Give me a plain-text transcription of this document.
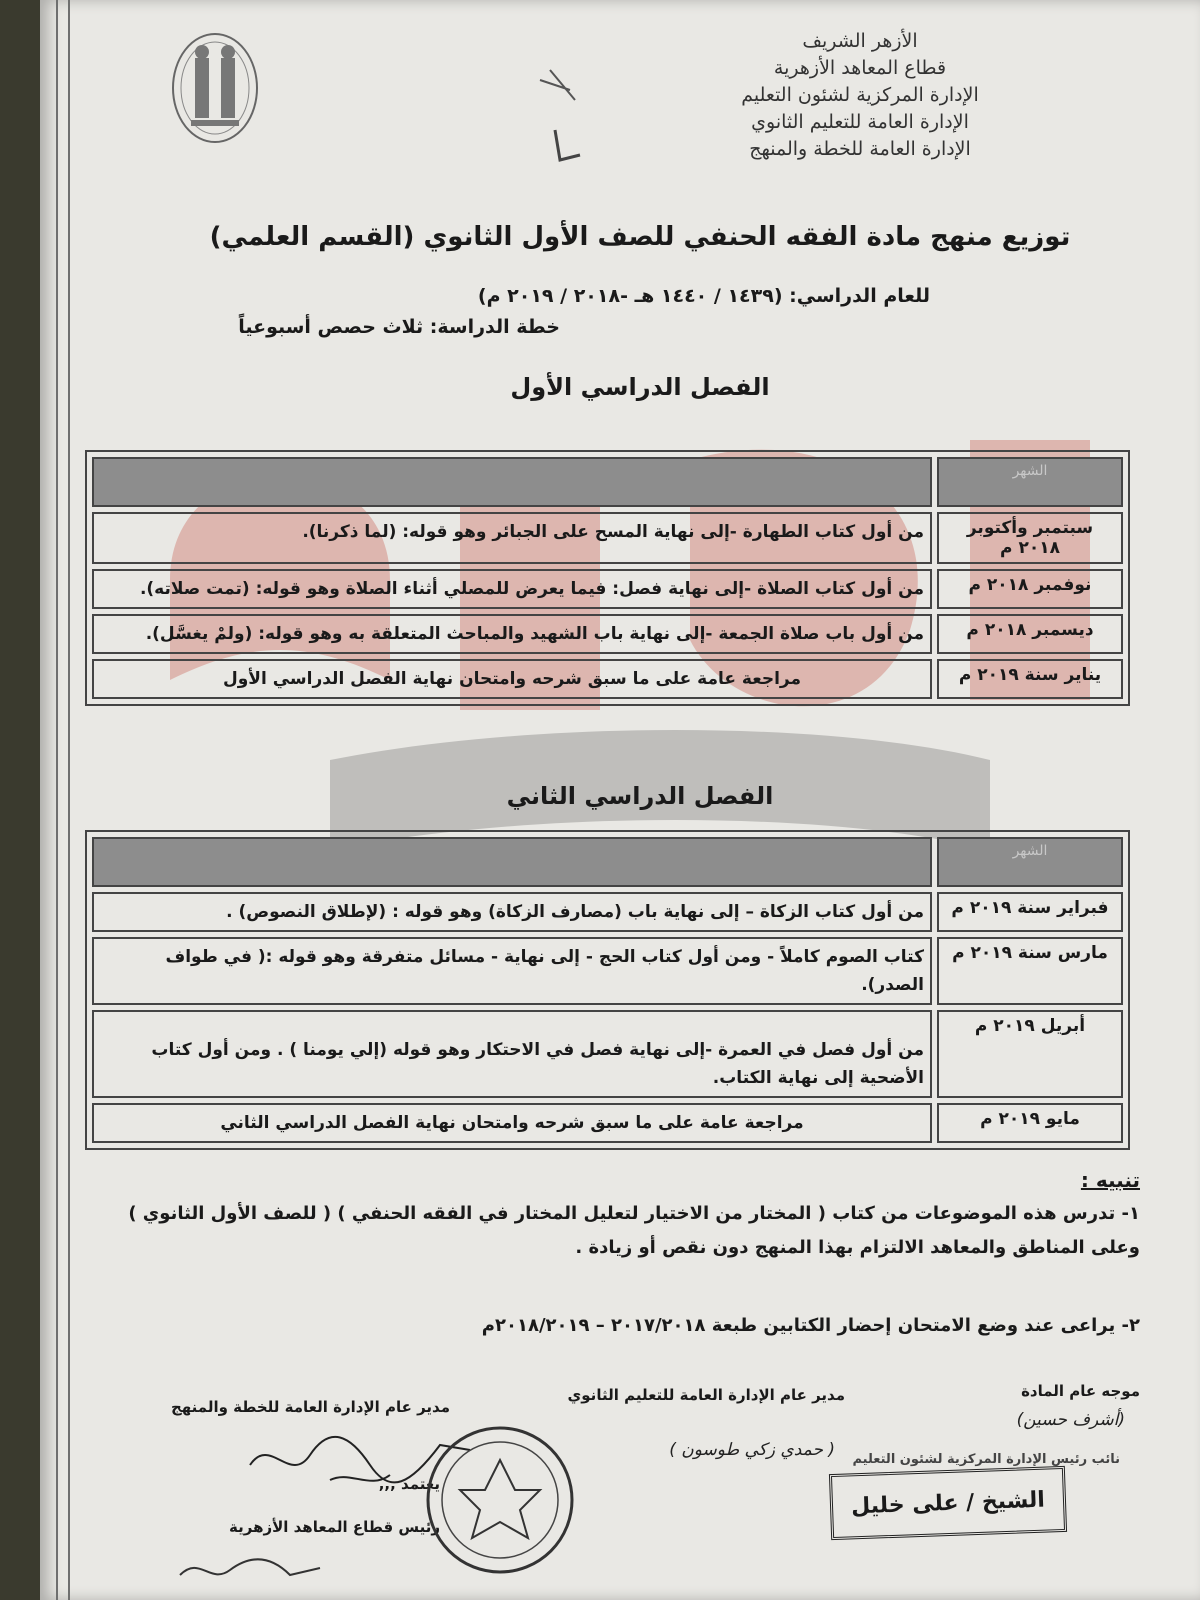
الأزهر الشريف
قطاع المعاهد الأزهرية
الإدارة المركزية لشئون التعليم
الإدارة العامة للتعليم الثانوي
الإدارة العامة للخطة والمنهج
توزيع منهج مادة الفقه الحنفي للصف الأول الثانوي (القسم العلمي)
للعام الدراسي: (١٤٣٩ / ١٤٤٠ هـ -٢٠١٨ / ٢٠١٩ م)
خطة الدراسة: ثلاث حصص أسبوعياً
الفصل الدراسي الأول
الشهر	
سبتمبر وأكتوبر ٢٠١٨ م	من أول كتاب الطهارة -إلى نهاية المسح على الجبائر وهو قوله: (لما ذكرنا).
نوفمبر ٢٠١٨ م	من أول كتاب الصلاة -إلى نهاية فصل: فيما يعرض للمصلي أثناء الصلاة وهو قوله: (تمت صلاته).
ديسمبر ٢٠١٨ م	من أول باب صلاة الجمعة -إلى نهاية باب الشهيد والمباحث المتعلقة به وهو قوله: (ولمْ يغسَّل).
يناير سنة ٢٠١٩ م	مراجعة عامة على ما سبق شرحه وامتحان نهاية الفصل الدراسي الأول
الفصل الدراسي الثاني
الشهر	
فبراير سنة ٢٠١٩ م	من أول كتاب الزكاة – إلى نهاية باب (مصارف الزكاة) وهو قوله : (لإطلاق النصوص) .
مارس سنة ٢٠١٩ م	كتاب الصوم كاملاً - ومن أول كتاب الحج - إلى نهاية - مسائل متفرقة وهو قوله :( في طواف الصدر).
أبريل ٢٠١٩ م	من أول فصل في العمرة -إلى نهاية فصل في الاحتكار وهو قوله (إلي يومنا ) . ومن أول كتاب الأضحية إلى نهاية الكتاب.
مايو ٢٠١٩ م	مراجعة عامة على ما سبق شرحه وامتحان نهاية الفصل الدراسي الثاني
تنبيه :

١- تدرس هذه الموضوعات من كتاب ( المختار من الاختيار لتعليل المختار في الفقه الحنفي ) ( للصف الأول الثانوي ) وعلى المناطق والمعاهد الالتزام بهذا المنهج دون نقص أو زيادة .

٢- يراعى عند وضع الامتحان إحضار الكتابين طبعة ٢٠١٧/٢٠١٨ – ٢٠١٨/٢٠١٩م

موجه عام المادة
(أشرف حسين)
مدير عام الإدارة العامة للتعليم الثانوي
( حمدي زكي طوسون )
مدير عام الإدارة العامة للخطة والمنهج
يعتمد ,,,
رئيس قطاع المعاهد الأزهرية
نائب رئيس الإدارة المركزية لشئون التعليم
الشيخ / على خليل
